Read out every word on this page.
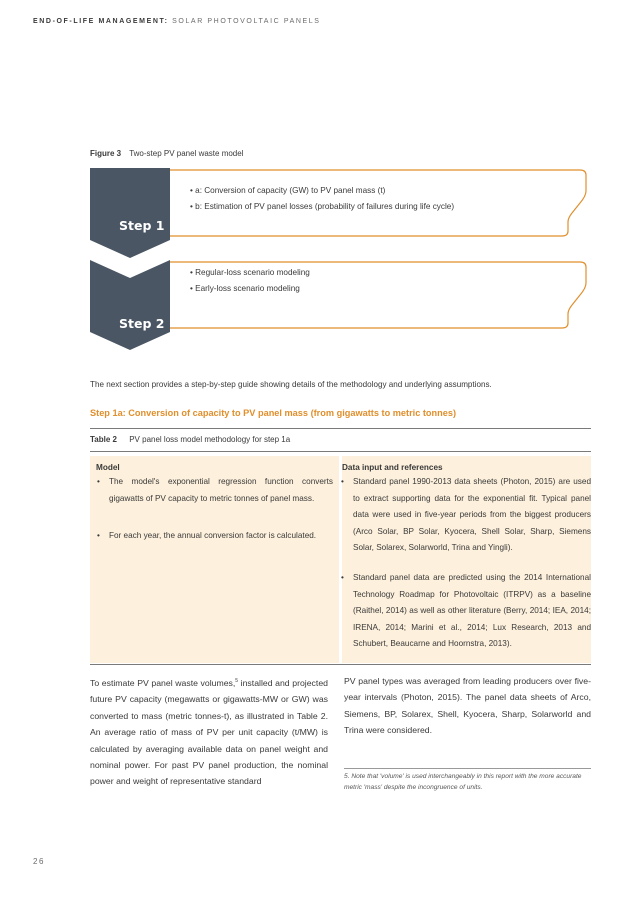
END-OF-LIFE MANAGEMENT: SOLAR PHOTOVOLTAIC PANELS
Figure 3 Two-step PV panel waste model
Step 1
Step 2
• a: Conversion of capacity (GW) to PV panel mass (t)
• b: Estimation of PV panel losses (probability of failures during life cycle)
• Regular-loss scenario modeling
• Early-loss scenario modeling
The next section provides a step-by-step guide showing details of the methodology and underlying assumptions.
Step 1a: Conversion of capacity to PV panel mass (from gigawatts to metric tonnes)
Table 2 PV panel loss model methodology for step 1a
Model
• The model's exponential regression function converts gigawatts of PV capacity to metric tonnes of panel mass.
• For each year, the annual conversion factor is calculated.
Data input and references
• Standard panel 1990-2013 data sheets (Photon, 2015) are used to extract supporting data for the exponential fit. Typical panel data were used in five-year periods from the biggest producers (Arco Solar, BP Solar, Kyocera, Shell Solar, Sharp, Siemens Solar, Solarex, Solarworld, Trina and Yingli).
• Standard panel data are predicted using the 2014 International Technology Roadmap for Photovoltaic (ITRPV) as a baseline (Raithel, 2014) as well as other literature (Berry, 2014; IEA, 2014; IRENA, 2014; Marini et al., 2014; Lux Research, 2013 and Schubert, Beaucarne and Hoornstra, 2013).
To estimate PV panel waste volumes,$^5$ installed and projected future PV capacity (megawatts or gigawatts-MW or GW) was converted to mass (metric tonnes-t), as illustrated in Table 2. An average ratio of mass of PV per unit capacity (t/MW) is calculated by averaging available data on panel weight and nominal power. For past PV panel production, the nominal power and weight of representative standard
PV panel types was averaged from leading producers over five-year intervals (Photon, 2015). The panel data sheets of Arco, Siemens, BP, Solarex, Shell, Kyocera, Sharp, Solarworld and Trina were considered.
5. Note that 'volume' is used interchangeably in this report with the more accurate metric 'mass' despite the incongruence of units.
26
